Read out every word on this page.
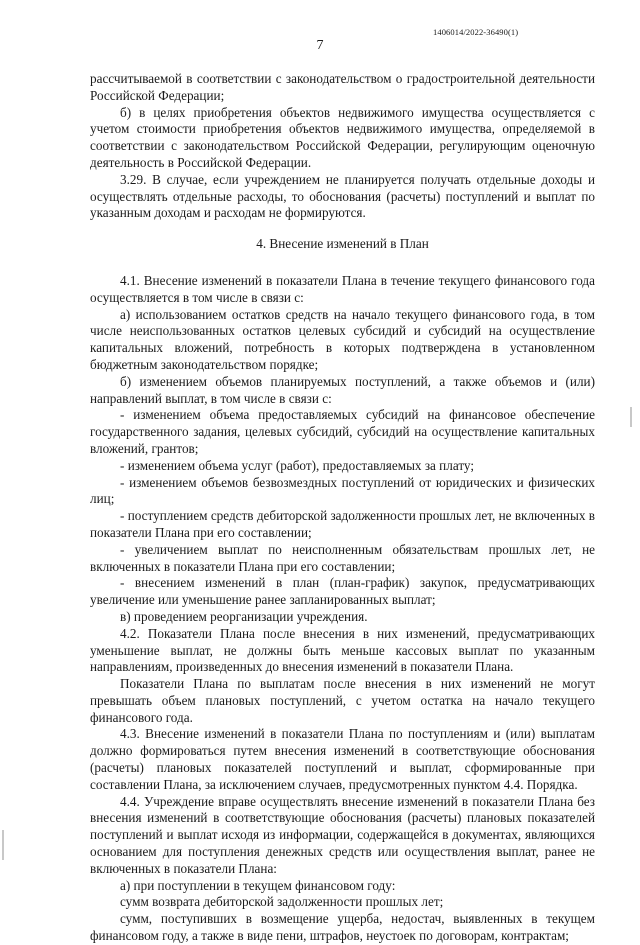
1406014/2022-36490(1)
7

рассчитываемой в соответствии с законодательством о градостроительной деятельности Российской Федерации;

б) в целях приобретения объектов недвижимого имущества осуществляется с учетом стоимости приобретения объектов недвижимого имущества, определяемой в соответствии с законодательством Российской Федерации, регулирующим оценочную деятельность в Российской Федерации.

3.29. В случае, если учреждением не планируется получать отдельные доходы и осуществлять отдельные расходы, то обоснования (расчеты) поступлений и выплат по указанным доходам и расходам не формируются.

4. Внесение изменений в План

4.1. Внесение изменений в показатели Плана в течение текущего финансового года осуществляется в том числе в связи с:

а) использованием остатков средств на начало текущего финансового года, в том числе неиспользованных остатков целевых субсидий и субсидий на осуществление капитальных вложений, потребность в которых подтверждена в установленном бюджетным законодательством порядке;

б) изменением объемов планируемых поступлений, а также объемов и (или) направлений выплат, в том числе в связи с:

- изменением объема предоставляемых субсидий на финансовое обеспечение государственного задания, целевых субсидий, субсидий на осуществление капитальных вложений, грантов;

- изменением объема услуг (работ), предоставляемых за плату;

- изменением объемов безвозмездных поступлений от юридических и физических лиц;

- поступлением средств дебиторской задолженности прошлых лет, не включенных в показатели Плана при его составлении;

- увеличением выплат по неисполненным обязательствам прошлых лет, не включенных в показатели Плана при его составлении;

- внесением изменений в план (план-график) закупок, предусматривающих увеличение или уменьшение ранее запланированных выплат;

в) проведением реорганизации учреждения.

4.2. Показатели Плана после внесения в них изменений, предусматривающих уменьшение выплат, не должны быть меньше кассовых выплат по указанным направлениям, произведенных до внесения изменений в показатели Плана.

Показатели Плана по выплатам после внесения в них изменений не могут превышать объем плановых поступлений, с учетом остатка на начало текущего финансового года.

4.3. Внесение изменений в показатели Плана по поступлениям и (или) выплатам должно формироваться путем внесения изменений в соответствующие обоснования (расчеты) плановых показателей поступлений и выплат, сформированные при составлении Плана, за исключением случаев, предусмотренных пунктом 4.4. Порядка.

4.4. Учреждение вправе осуществлять внесение изменений в показатели Плана без внесения изменений в соответствующие обоснования (расчеты) плановых показателей поступлений и выплат исходя из информации, содержащейся в документах, являющихся основанием для поступления денежных средств или осуществления выплат, ранее не включенных в показатели Плана:

а) при поступлении в текущем финансовом году:

сумм возврата дебиторской задолженности прошлых лет;

сумм, поступивших в возмещение ущерба, недостач, выявленных в текущем финансовом году, а также в виде пени, штрафов, неустоек по договорам, контрактам;
